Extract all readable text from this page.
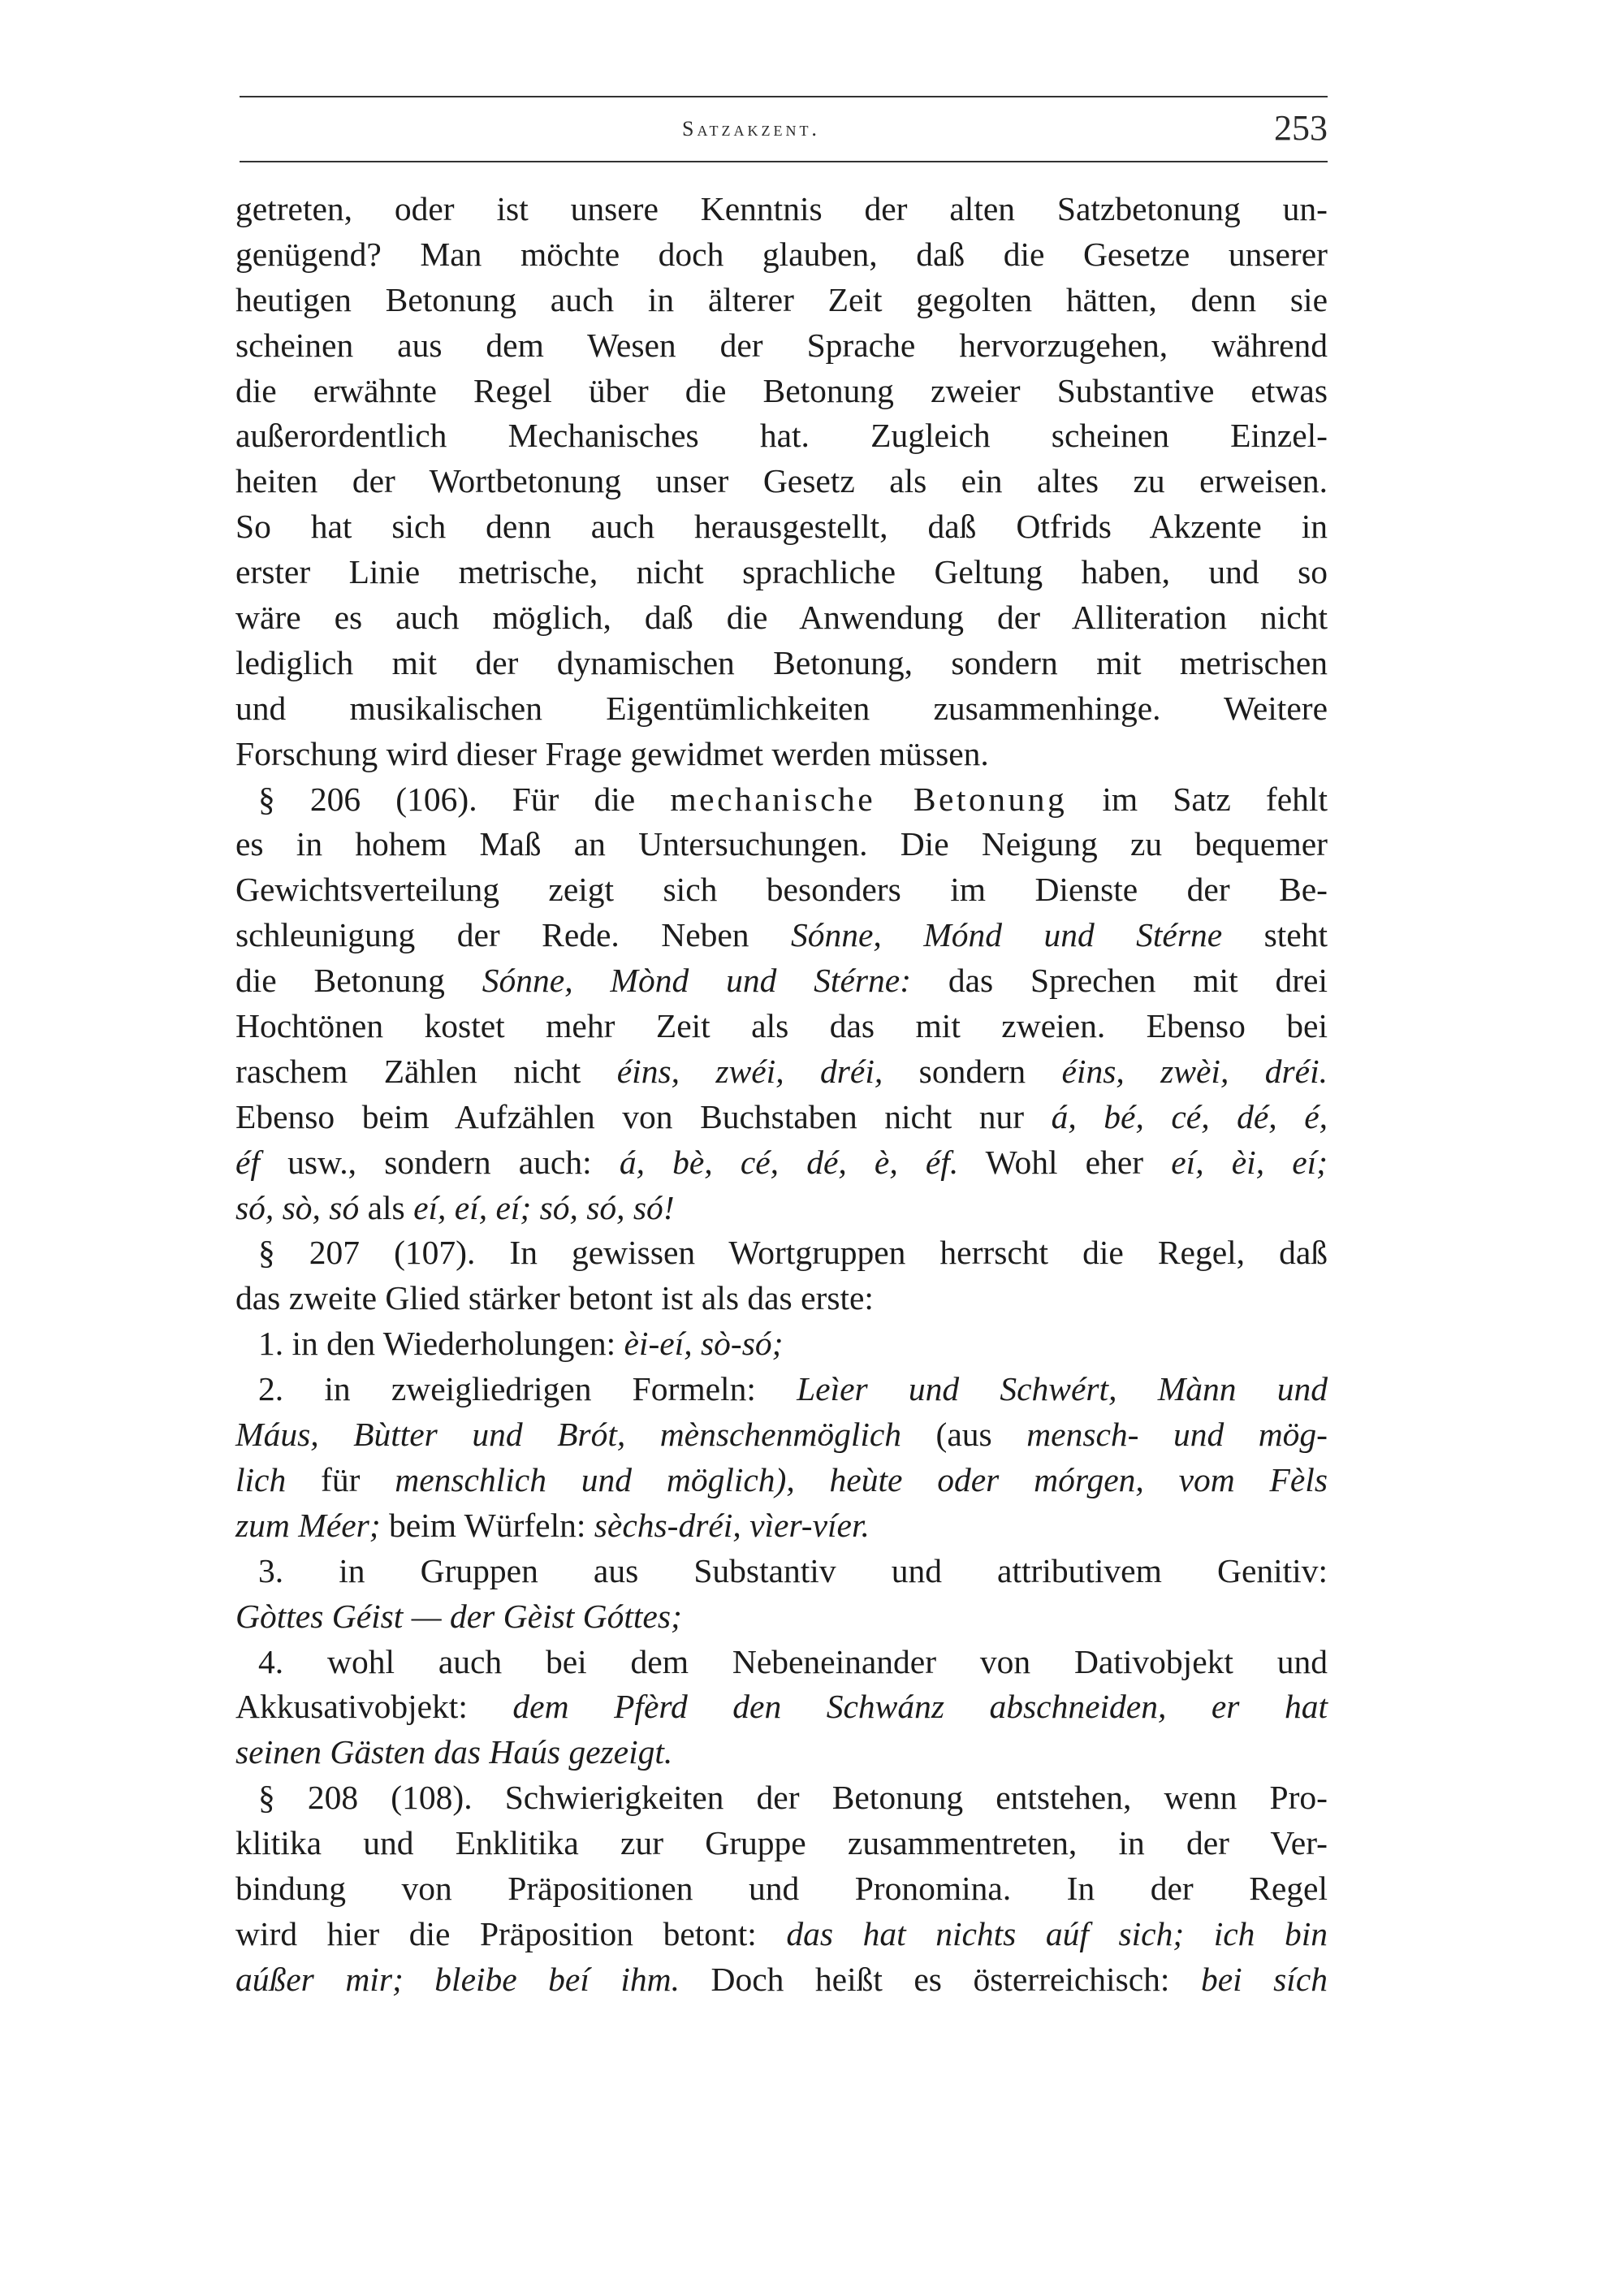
Satzakzent.	253
getreten, oder ist unsere Kenntnis der alten Satzbetonung un-
genügend? Man möchte doch glauben, daß die Gesetze unserer
heutigen Betonung auch in älterer Zeit gegolten hätten, denn sie
scheinen aus dem Wesen der Sprache hervorzugehen, während
die erwähnte Regel über die Betonung zweier Substantive etwas
außerordentlich Mechanisches hat. Zugleich scheinen Einzel-
heiten der Wortbetonung unser Gesetz als ein altes zu erweisen.
So hat sich denn auch herausgestellt, daß Otfrids Akzente in
erster Linie metrische, nicht sprachliche Geltung haben, und so
wäre es auch möglich, daß die Anwendung der Alliteration nicht
lediglich mit der dynamischen Betonung, sondern mit metrischen
und musikalischen Eigentümlichkeiten zusammenhinge. Weitere
Forschung wird dieser Frage gewidmet werden müssen.
§ 206 (106). Für die mechanische Betonung im Satz fehlt
es in hohem Maß an Untersuchungen. Die Neigung zu bequemer
Gewichtsverteilung zeigt sich besonders im Dienste der Be-
schleunigung der Rede. Neben Sónne, Mónd und Stérne steht
die Betonung Sónne, Mònd und Stérne: das Sprechen mit drei
Hochtönen kostet mehr Zeit als das mit zweien. Ebenso bei
raschem Zählen nicht éins, zwéi, dréi, sondern éins, zwèi, dréi.
Ebenso beim Aufzählen von Buchstaben nicht nur á, bé, cé, dé, é,
éf usw., sondern auch: á, bè, cé, dé, è, éf. Wohl eher eí, èi, eí;
só, sò, só als eí, eí, eí; só, só, só!
§ 207 (107). In gewissen Wortgruppen herrscht die Regel, daß
das zweite Glied stärker betont ist als das erste:
1. in den Wiederholungen: èi-eí, sò-só;
2. in zweigliedrigen Formeln: Leìer und Schwért, Mànn und
Máus, Bùtter und Brót, mènschenmöglich (aus mensch- und mög-
lich für menschlich und möglich), heùte oder mórgen, vom Fèls
zum Méer; beim Würfeln: sèchs-dréi, vìer-víer.
3. in Gruppen aus Substantiv und attributivem Genitiv:
Gòttes Géist — der Gèist Góttes;
4. wohl auch bei dem Nebeneinander von Dativobjekt und
Akkusativobjekt: dem Pfèrd den Schwánz abschneiden, er hat
seinen Gästen das Haús gezeigt.
§ 208 (108). Schwierigkeiten der Betonung entstehen, wenn Pro-
klitika und Enklitika zur Gruppe zusammentreten, in der Ver-
bindung von Präpositionen und Pronomina. In der Regel
wird hier die Präposition betont: das hat nichts aúf sich; ich bin
aúßer mir; bleibe beí ihm. Doch heißt es österreichisch: bei sích
